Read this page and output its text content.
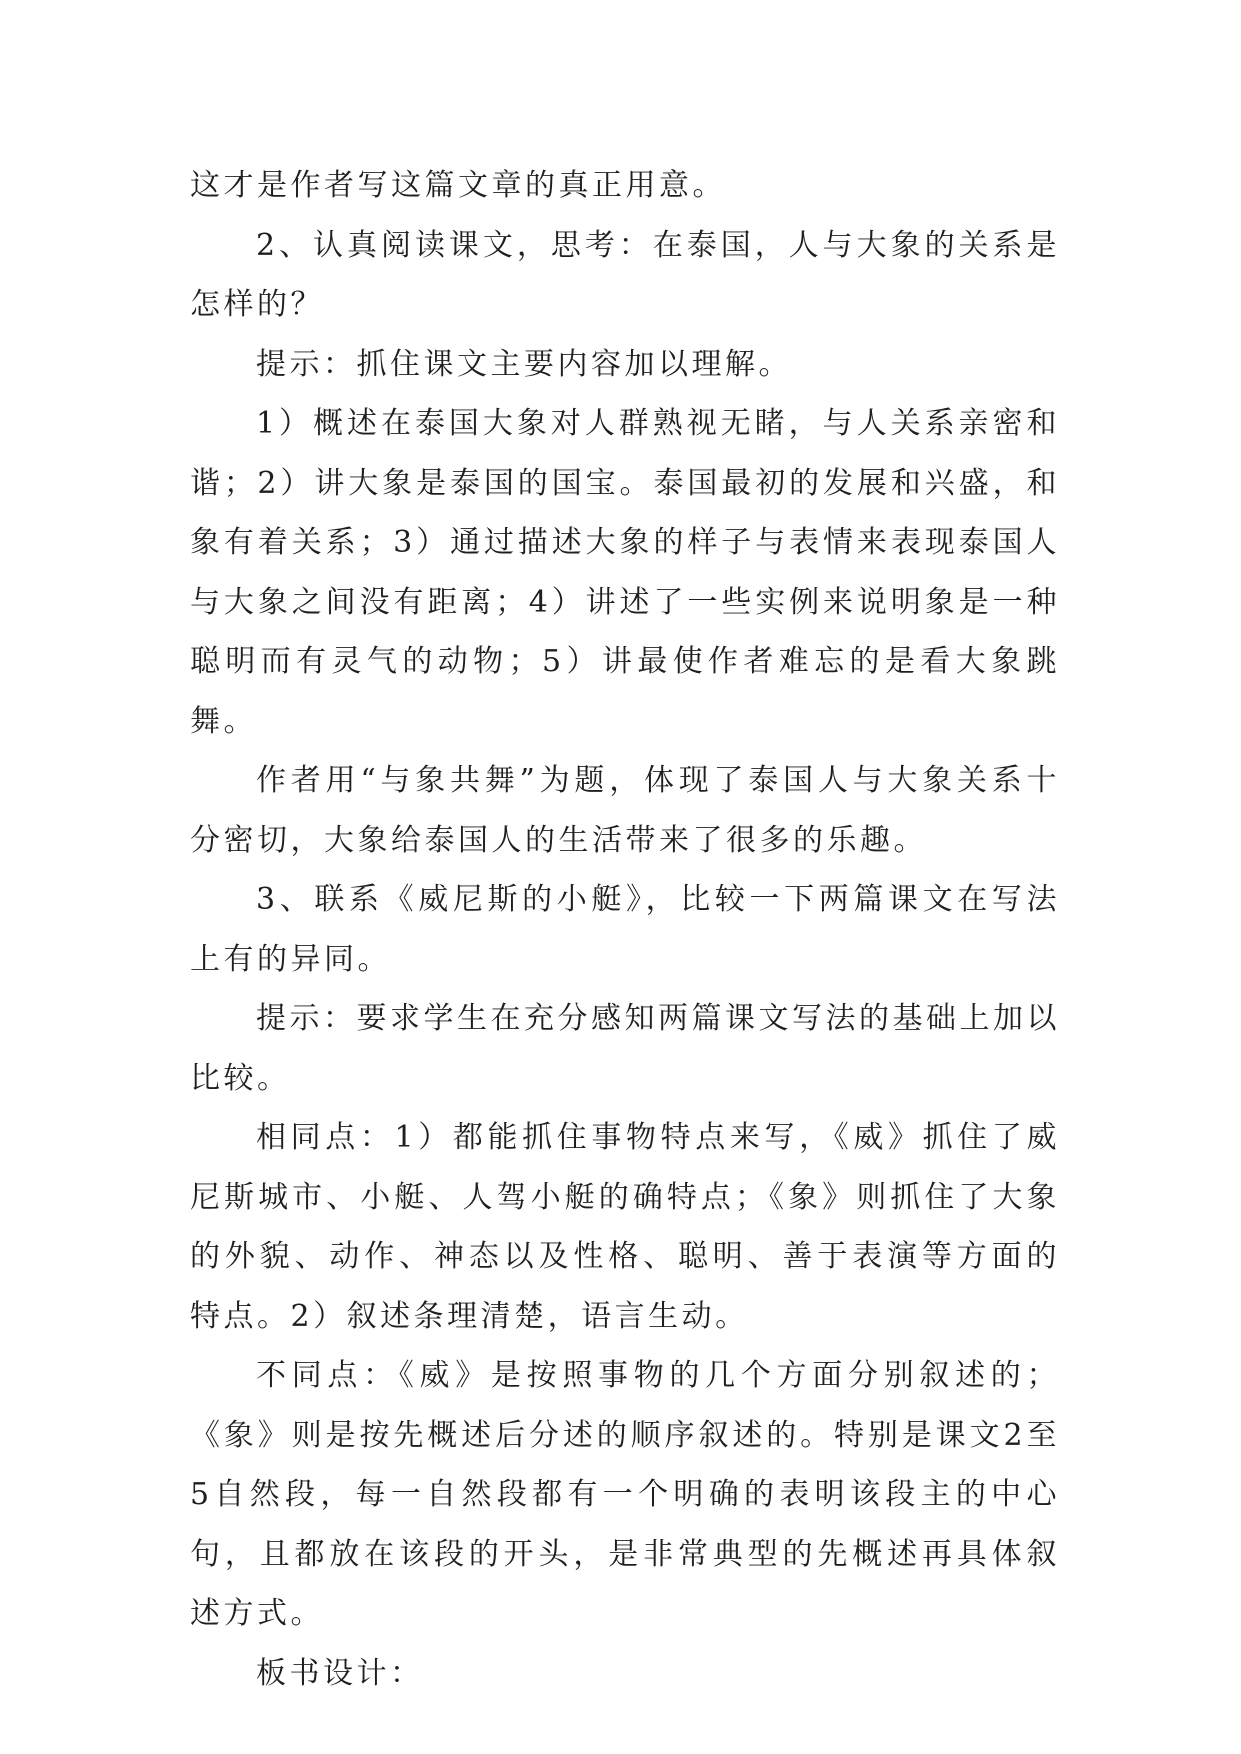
这才是作者写这篇文章的真正用意。

2、认真阅读课文，思考：在泰国，人与大象的关系是怎样的？

提示：抓住课文主要内容加以理解。

1）概述在泰国大象对人群熟视无睹，与人关系亲密和谐；2）讲大象是泰国的国宝。泰国最初的发展和兴盛，和象有着关系；3）通过描述大象的样子与表情来表现泰国人与大象之间没有距离；4）讲述了一些实例来说明象是一种聪明而有灵气的动物；5）讲最使作者难忘的是看大象跳舞。

作者用“与象共舞”为题，体现了泰国人与大象关系十分密切，大象给泰国人的生活带来了很多的乐趣。

3、联系《威尼斯的小艇》，比较一下两篇课文在写法上有的异同。

提示：要求学生在充分感知两篇课文写法的基础上加以比较。

相同点：1）都能抓住事物特点来写，《威》抓住了威尼斯城市、小艇、人驾小艇的确特点；《象》则抓住了大象的外貌、动作、神态以及性格、聪明、善于表演等方面的特点。2）叙述条理清楚，语言生动。

不同点：《威》是按照事物的几个方面分别叙述的；《象》则是按先概述后分述的顺序叙述的。特别是课文2至5自然段，每一自然段都有一个明确的表明该段主的中心句，且都放在该段的开头，是非常典型的先概述再具体叙述方式。

板书设计：
